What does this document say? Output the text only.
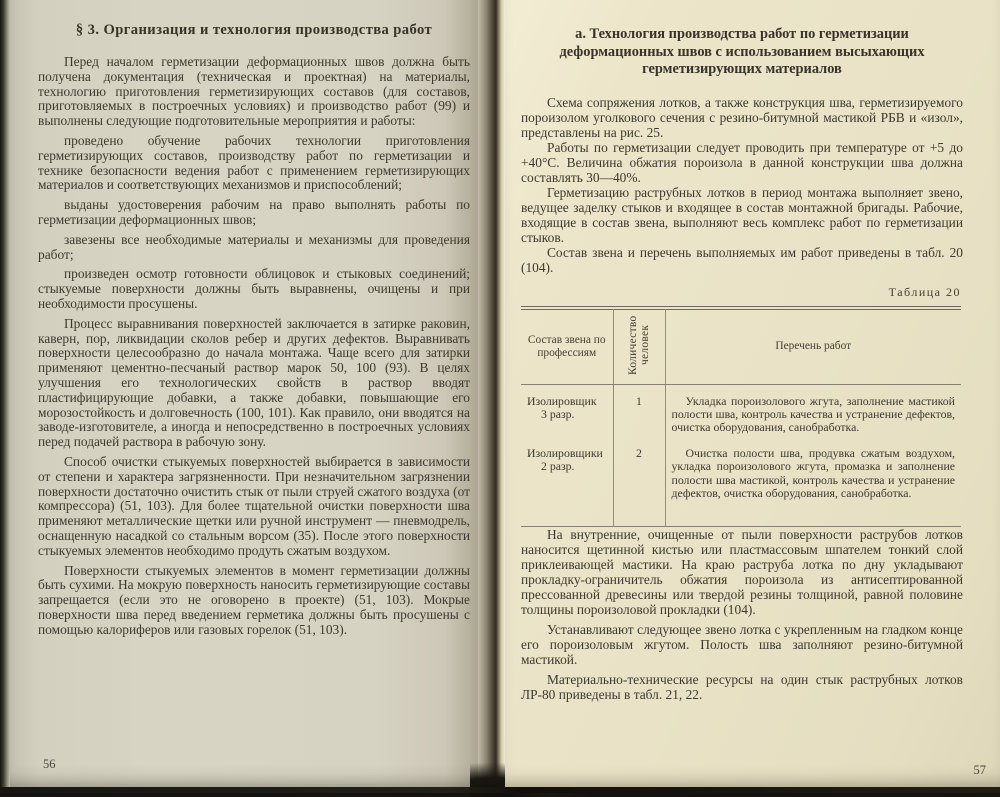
§ 3. Организация и технология производства работ

Перед началом герметизации деформационных швов должна быть получена документация (техническая и проектная) на материалы, технологию приготовления герметизирующих составов (для составов, приготовляемых в построечных условиях) и производство работ (99) и выполнены следующие подготовительные мероприятия и работы:

проведено обучение рабочих технологии приготовления герметизирующих составов, производству работ по герметизации и технике безопасности ведения работ с применением герметизирующих материалов и соответствующих механизмов и приспособлений;

выданы удостоверения рабочим на право выполнять работы по герметизации деформационных швов;

завезены все необходимые материалы и механизмы для проведения работ;

произведен осмотр готовности облицовок и стыковых соединений; стыкуемые поверхности должны быть выравнены, очищены и при необходимости просушены.

Процесс выравнивания поверхностей заключается в затирке раковин, каверн, пор, ликвидации сколов ребер и других дефектов. Выравнивать поверхности целесообразно до начала монтажа. Чаще всего для затирки применяют цементно-песчаный раствор марок 50, 100 (93). В целях улучшения его технологических свойств в раствор вводят пластифицирующие добавки, а также добавки, повышающие его морозостойкость и долговечность (100, 101). Как правило, они вводятся на заводе-изготовителе, а иногда и непосредственно в построечных условиях перед подачей раствора в рабочую зону.

Способ очистки стыкуемых поверхностей выбирается в зависимости от степени и характера загрязненности. При незначительном загрязнении поверхности достаточно очистить стык от пыли струей сжатого воздуха (от компрессора) (51, 103). Для более тщательной очистки поверхности шва применяют металлические щетки или ручной инструмент — пневмодрель, оснащенную насадкой со стальным ворсом (35). После этого поверхности стыкуемых элементов необходимо продуть сжатым воздухом.

Поверхности стыкуемых элементов в момент герметизации должны быть сухими. На мокрую поверхность наносить герметизирующие составы запрещается (если это не оговорено в проекте) (51, 103). Мокрые поверхности шва перед введением герметика должны быть просушены с помощью калориферов или газовых горелок (51, 103).

56
а. Технология производства работ по герметизации деформационных швов с использованием высыхающих герметизирующих материалов

Схема сопряжения лотков, а также конструкция шва, герметизируемого пороизолом уголкового сечения с резино-битумной мастикой РБВ и «изол», представлены на рис. 25.

Работы по герметизации следует проводить при температуре от +5 до +40°С. Величина обжатия пороизола в данной конструкции шва должна составлять 30—40%.

Герметизацию раструбных лотков в период монтажа выполняет звено, ведущее заделку стыков и входящее в состав монтажной бригады. Рабочие, входящие в состав звена, выполняют весь комплекс работ по герметизации стыков.

Состав звена и перечень выполняемых им работ приведены в табл. 20 (104).

Таблица 20
Состав звена по профессиям	Количество человек	Перечень работ
Изолировщик
3 разр.	1	Укладка пороизолового жгута, заполнение мастикой полости шва, контроль качества и устранение дефектов, очистка оборудования, санобработка.

Изолировщики
2 разр.	2	Очистка полости шва, продувка сжатым воздухом, укладка пороизолового жгута, промазка и заполнение полости шва мастикой, контроль качества и устранение дефектов, очистка оборудования, санобработка.

На внутренние, очищенные от пыли поверхности раструбов лотков наносится щетинной кистью или пластмассовым шпателем тонкий слой приклеивающей мастики. На краю раструба лотка по дну укладывают прокладку-ограничитель обжатия пороизола из антисептированной прессованной древесины или твердой резины толщиной, равной половине толщины пороизоловой прокладки (104).

Устанавливают следующее звено лотка с укрепленным на гладком конце его пороизоловым жгутом. Полость шва заполняют резино-битумной мастикой.

Материально-технические ресурсы на один стык раструбных лотков ЛР-80 приведены в табл. 21, 22.

57
